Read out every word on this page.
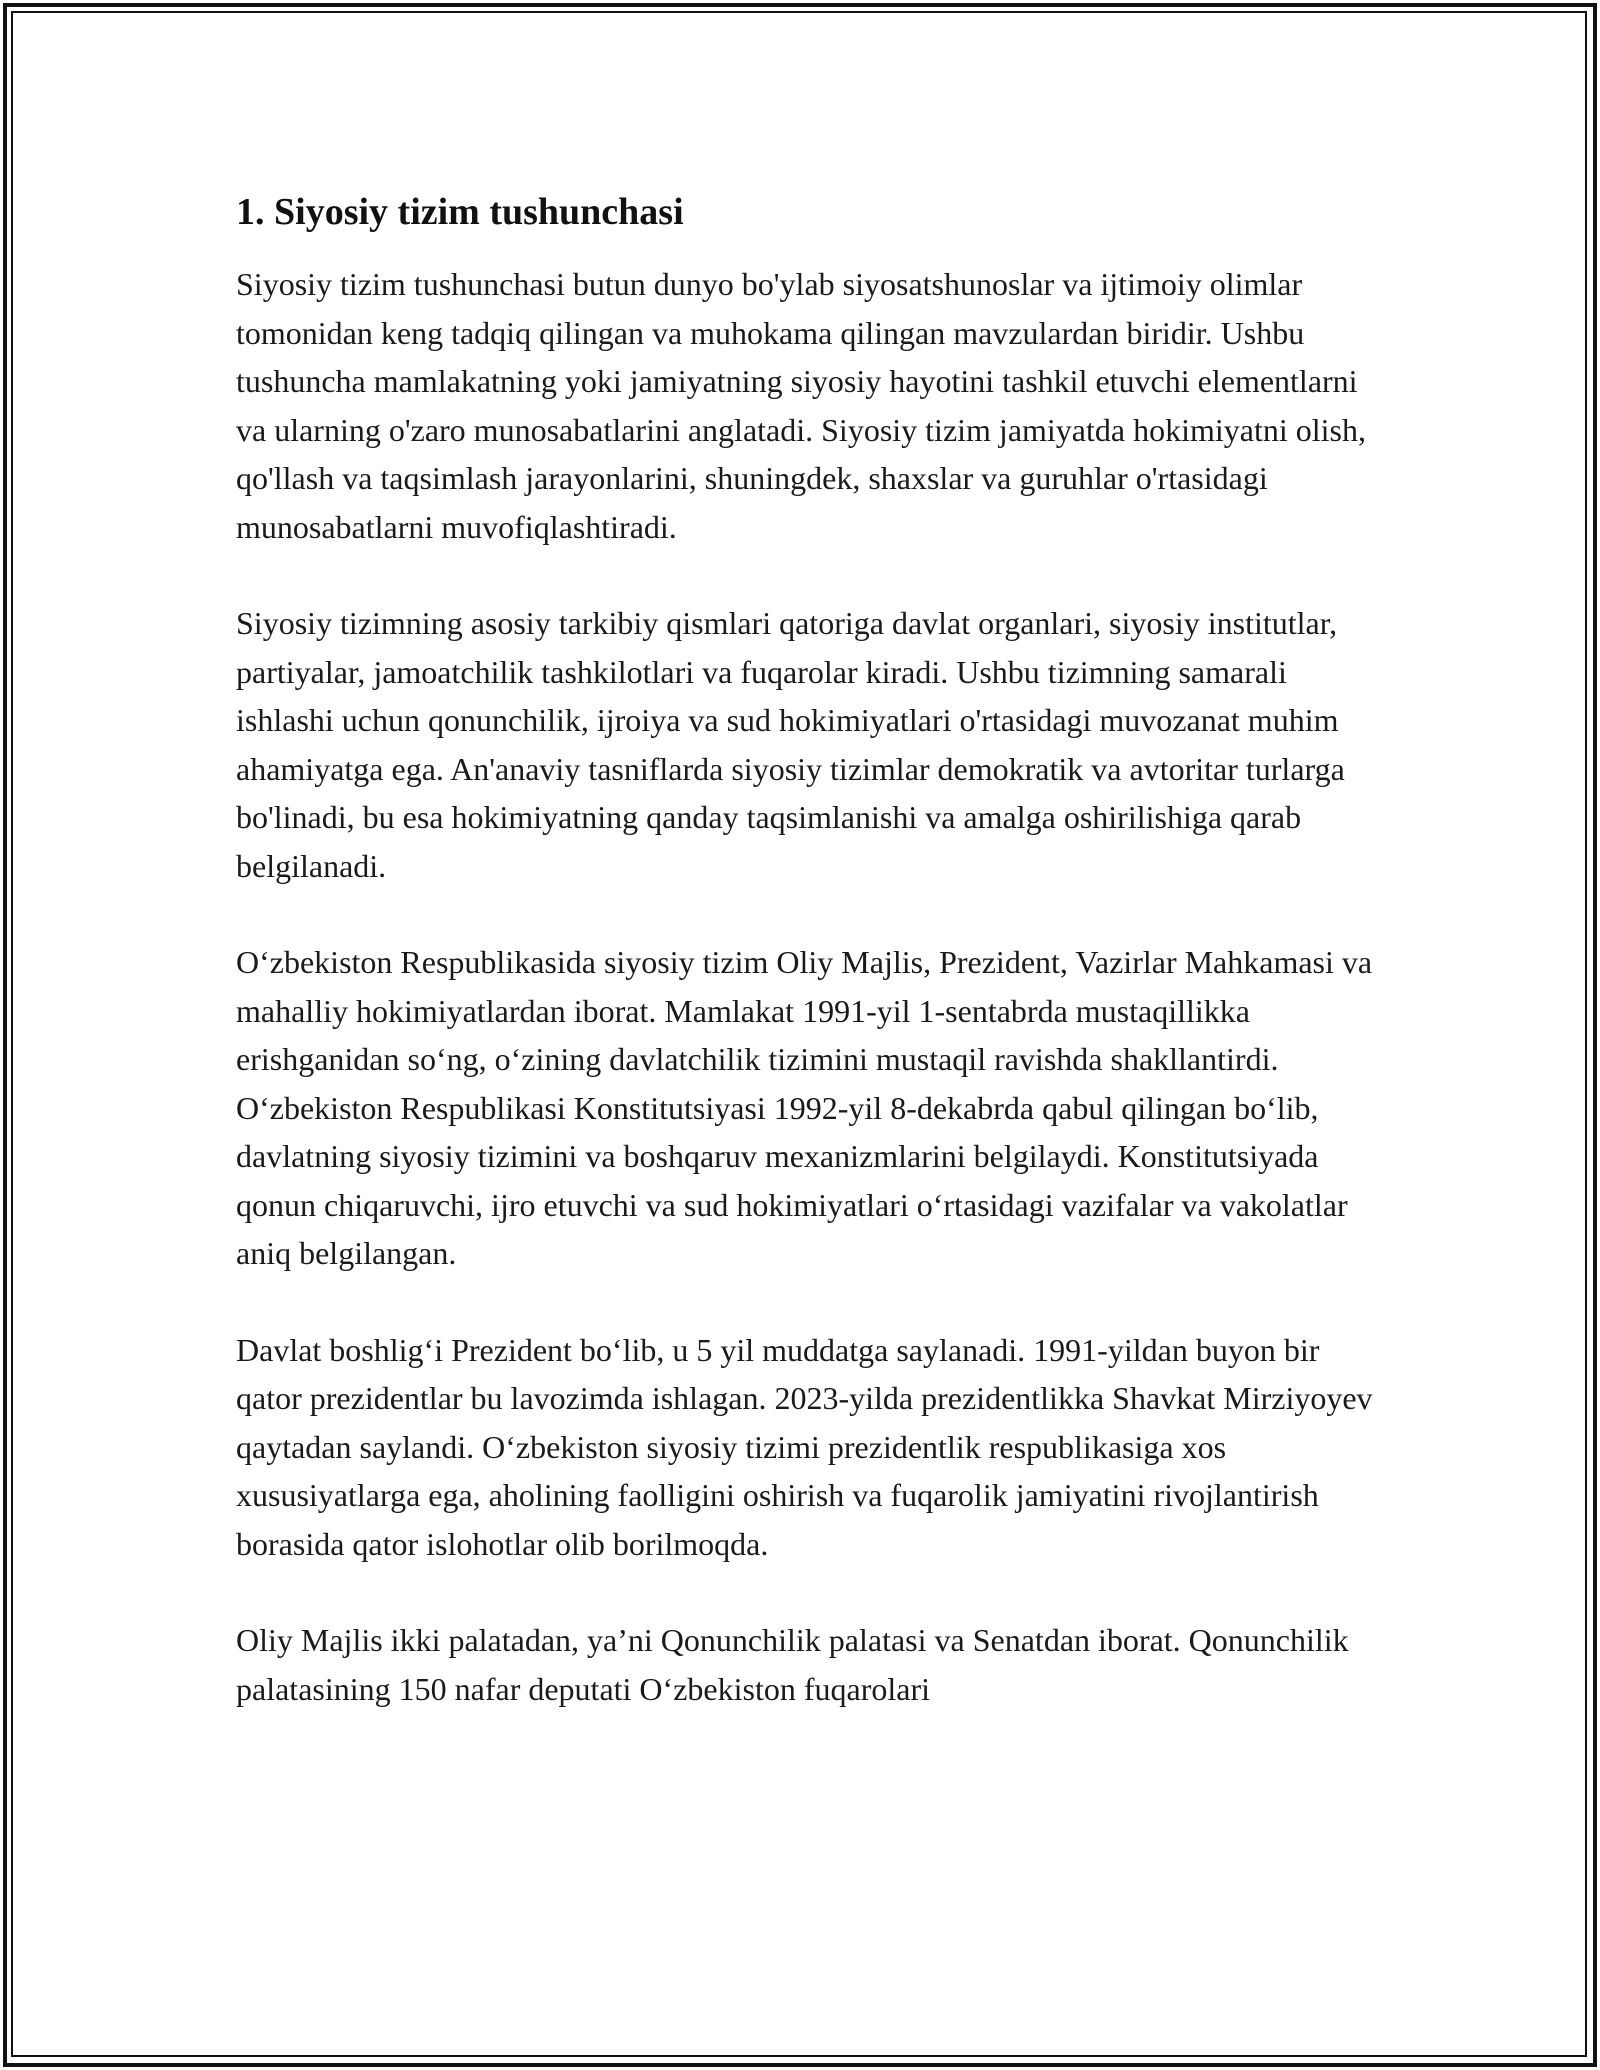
1. Siyosiy tizim tushunchasi

Siyosiy tizim tushunchasi butun dunyo bo'ylab siyosatshunoslar va ijtimoiy olimlar tomonidan keng tadqiq qilingan va muhokama qilingan mavzulardan biridir. Ushbu tushuncha mamlakatning yoki jamiyatning siyosiy hayotini tashkil etuvchi elementlarni va ularning o'zaro munosabatlarini anglatadi. Siyosiy tizim jamiyatda hokimiyatni olish, qo'llash va taqsimlash jarayonlarini, shuningdek, shaxslar va guruhlar o'rtasidagi munosabatlarni muvofiqlashtiradi.

Siyosiy tizimning asosiy tarkibiy qismlari qatoriga davlat organlari, siyosiy institutlar, partiyalar, jamoatchilik tashkilotlari va fuqarolar kiradi. Ushbu tizimning samarali ishlashi uchun qonunchilik, ijroiya va sud hokimiyatlari o'rtasidagi muvozanat muhim ahamiyatga ega. An'anaviy tasniflarda siyosiy tizimlar demokratik va avtoritar turlarga bo'linadi, bu esa hokimiyatning qanday taqsimlanishi va amalga oshirilishiga qarab belgilanadi.

O‘zbekiston Respublikasida siyosiy tizim Oliy Majlis, Prezident, Vazirlar Mahkamasi va mahalliy hokimiyatlardan iborat. Mamlakat 1991-yil 1-sentabrda mustaqillikka erishganidan so‘ng, o‘zining davlatchilik tizimini mustaqil ravishda shakllantirdi. O‘zbekiston Respublikasi Konstitutsiyasi 1992-yil 8-dekabrda qabul qilingan bo‘lib, davlatning siyosiy tizimini va boshqaruv mexanizmlarini belgilaydi. Konstitutsiyada qonun chiqaruvchi, ijro etuvchi va sud hokimiyatlari o‘rtasidagi vazifalar va vakolatlar aniq belgilangan.

Davlat boshlig‘i Prezident bo‘lib, u 5 yil muddatga saylanadi. 1991-yildan buyon bir qator prezidentlar bu lavozimda ishlagan. 2023-yilda prezidentlikka Shavkat Mirziyoyev qaytadan saylandi. O‘zbekiston siyosiy tizimi prezidentlik respublikasiga xos xususiyatlarga ega, aholining faolligini oshirish va fuqarolik jamiyatini rivojlantirish borasida qator islohotlar olib borilmoqda.

Oliy Majlis ikki palatadan, ya’ni Qonunchilik palatasi va Senatdan iborat. Qonunchilik palatasining 150 nafar deputati O‘zbekiston fuqarolari
